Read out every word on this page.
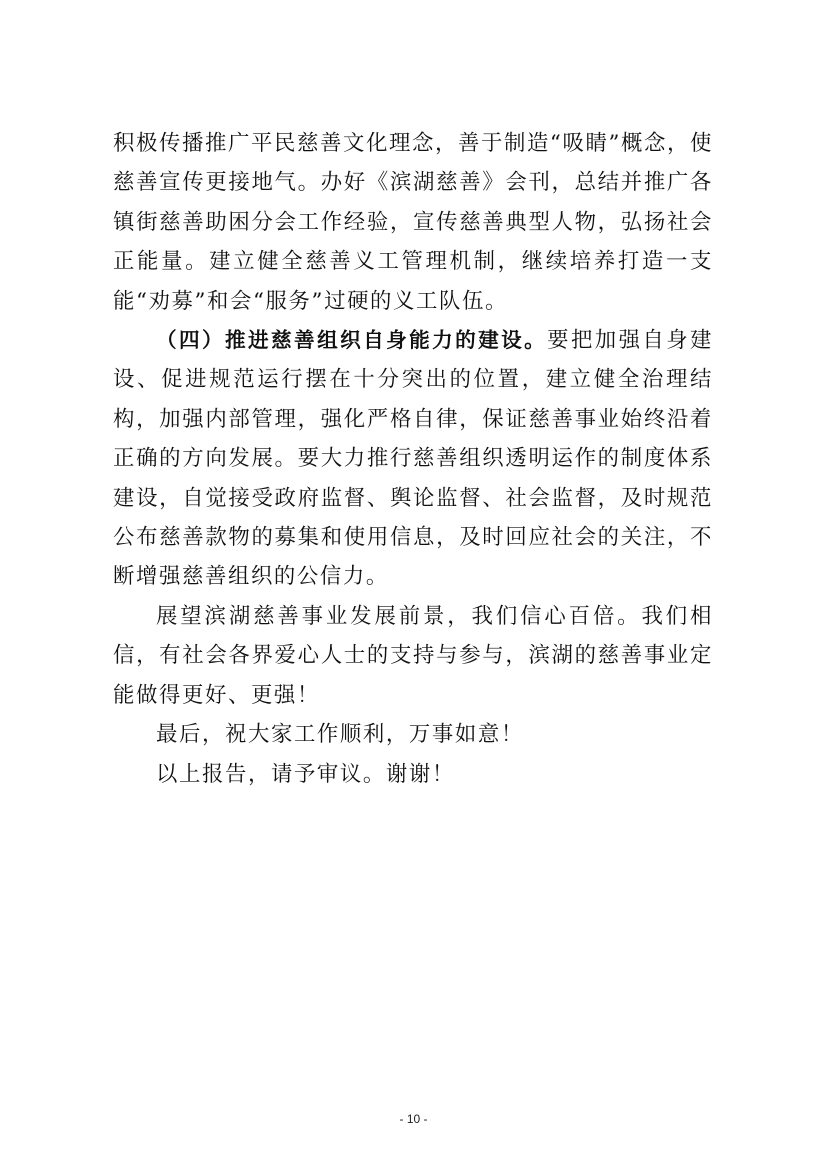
积极传播推广平民慈善文化理念，善于制造“吸睛”概念，使慈善宣传更接地气。办好《滨湖慈善》会刊，总结并推广各镇街慈善助困分会工作经验，宣传慈善典型人物，弘扬社会正能量。建立健全慈善义工管理机制，继续培养打造一支能“劝募”和会“服务”过硬的义工队伍。

（四）推进慈善组织自身能力的建设。要把加强自身建设、促进规范运行摆在十分突出的位置，建立健全治理结构，加强内部管理，强化严格自律，保证慈善事业始终沿着正确的方向发展。要大力推行慈善组织透明运作的制度体系建设，自觉接受政府监督、舆论监督、社会监督，及时规范公布慈善款物的募集和使用信息，及时回应社会的关注，不断增强慈善组织的公信力。

展望滨湖慈善事业发展前景，我们信心百倍。我们相信，有社会各界爱心人士的支持与参与，滨湖的慈善事业定能做得更好、更强！

最后，祝大家工作顺利，万事如意！

以上报告，请予审议。谢谢！

- 10 -
